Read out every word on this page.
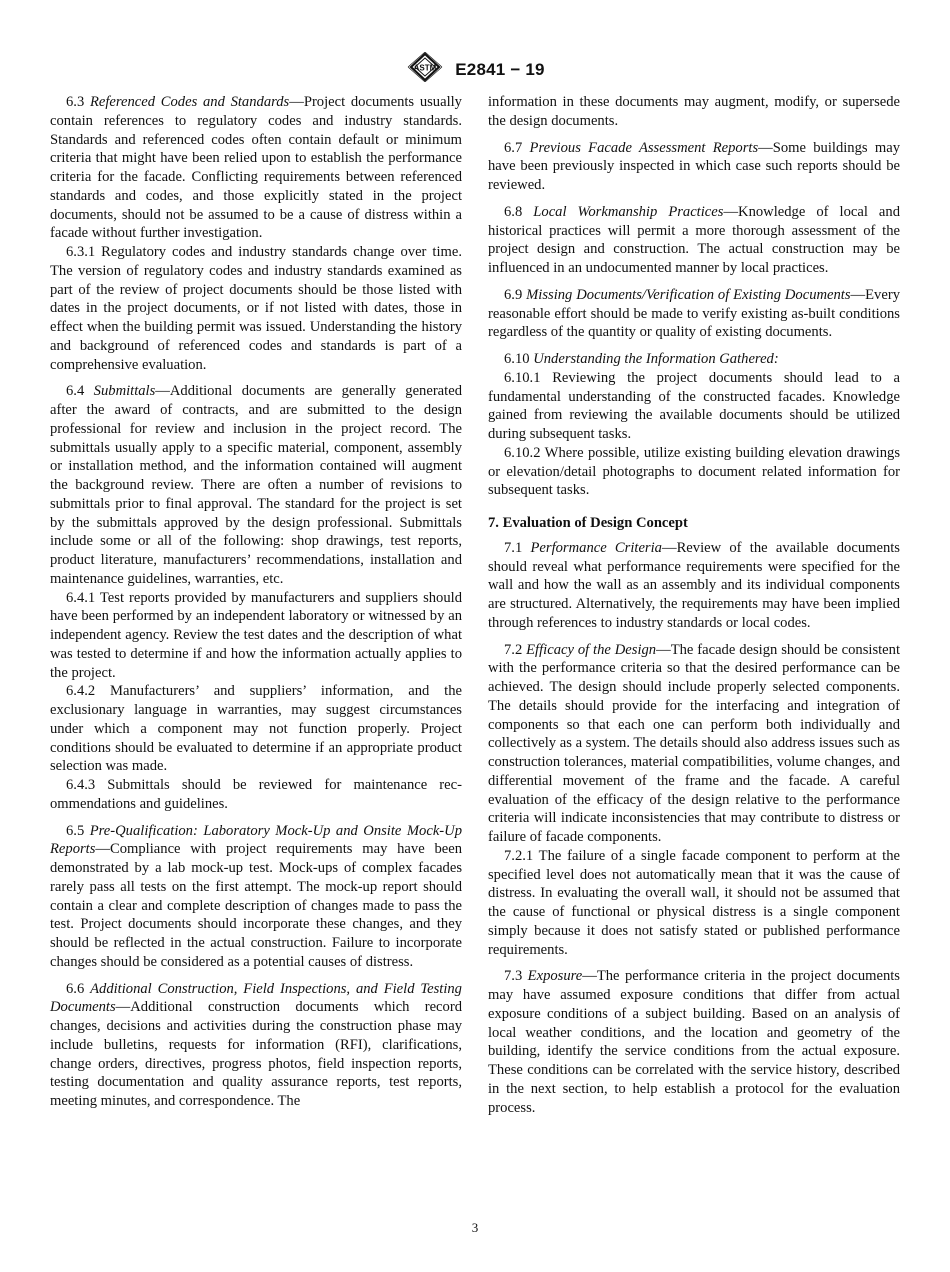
ASTM E2841 − 19

6.3 Referenced Codes and Standards—Project documents usually contain references to regulatory codes and industry standards. Standards and referenced codes often contain default or minimum criteria that might have been relied upon to establish the performance criteria for the facade. Conflicting requirements between referenced standards and codes, and those explicitly stated in the project documents, should not be assumed to be a cause of distress within a facade without further investigation.

6.3.1 Regulatory codes and industry standards change over time. The version of regulatory codes and industry standards examined as part of the review of project documents should be those listed with dates in the project documents, or if not listed with dates, those in effect when the building permit was issued. Understanding the history and background of referenced codes and standards is part of a comprehensive evaluation.

6.4 Submittals—Additional documents are generally generated after the award of contracts, and are submitted to the design professional for review and inclusion in the project record. The submittals usually apply to a specific material, component, assembly or installation method, and the information contained will augment the background review. There are often a number of revisions to submittals prior to final approval. The standard for the project is set by the submittals approved by the design professional. Submittals include some or all of the following: shop drawings, test reports, product literature, manufacturers’ recommendations, installation and maintenance guidelines, warranties, etc.

6.4.1 Test reports provided by manufacturers and suppliers should have been performed by an independent laboratory or witnessed by an independent agency. Review the test dates and the description of what was tested to determine if and how the information actually applies to the project.

6.4.2 Manufacturers’ and suppliers’ information, and the exclusionary language in warranties, may suggest circumstances under which a component may not function properly. Project conditions should be evaluated to determine if an appropriate product selection was made.

6.4.3 Submittals should be reviewed for maintenance recommendations and guidelines.

6.5 Pre-Qualification: Laboratory Mock-Up and Onsite Mock-Up Reports—Compliance with project requirements may have been demonstrated by a lab mock-up test. Mock-ups of complex facades rarely pass all tests on the first attempt. The mock-up report should contain a clear and complete description of changes made to pass the test. Project documents should incorporate these changes, and they should be reflected in the actual construction. Failure to incorporate changes should be considered as a potential causes of distress.

6.6 Additional Construction, Field Inspections, and Field Testing Documents—Additional construction documents which record changes, decisions and activities during the construction phase may include bulletins, requests for information (RFI), clarifications, change orders, directives, progress photos, field inspection reports, testing documentation and quality assurance reports, test reports, meeting minutes, and correspondence. The

information in these documents may augment, modify, or supersede the design documents.

6.7 Previous Facade Assessment Reports—Some buildings may have been previously inspected in which case such reports should be reviewed.

6.8 Local Workmanship Practices—Knowledge of local and historical practices will permit a more thorough assessment of the project design and construction. The actual construction may be influenced in an undocumented manner by local practices.

6.9 Missing Documents/Verification of Existing Documents—Every reasonable effort should be made to verify existing as-built conditions regardless of the quantity or quality of existing documents.

6.10 Understanding the Information Gathered:

6.10.1 Reviewing the project documents should lead to a fundamental understanding of the constructed facades. Knowledge gained from reviewing the available documents should be utilized during subsequent tasks.

6.10.2 Where possible, utilize existing building elevation drawings or elevation/detail photographs to document related information for subsequent tasks.

7. Evaluation of Design Concept

7.1 Performance Criteria—Review of the available documents should reveal what performance requirements were specified for the wall and how the wall as an assembly and its individual components are structured. Alternatively, the requirements may have been implied through references to industry standards or local codes.

7.2 Efficacy of the Design—The facade design should be consistent with the performance criteria so that the desired performance can be achieved. The design should include properly selected components. The details should provide for the interfacing and integration of components so that each one can perform both individually and collectively as a system. The details should also address issues such as construction tolerances, material compatibilities, volume changes, and differential movement of the frame and the facade. A careful evaluation of the efficacy of the design relative to the performance criteria will indicate inconsistencies that may contribute to distress or failure of facade components.

7.2.1 The failure of a single facade component to perform at the specified level does not automatically mean that it was the cause of distress. In evaluating the overall wall, it should not be assumed that the cause of functional or physical distress is a single component simply because it does not satisfy stated or published performance requirements.

7.3 Exposure—The performance criteria in the project documents may have assumed exposure conditions that differ from actual exposure conditions of a subject building. Based on an analysis of local weather conditions, and the location and geometry of the building, identify the service conditions from the actual exposure. These conditions can be correlated with the service history, described in the next section, to help establish a protocol for the evaluation process.

3
